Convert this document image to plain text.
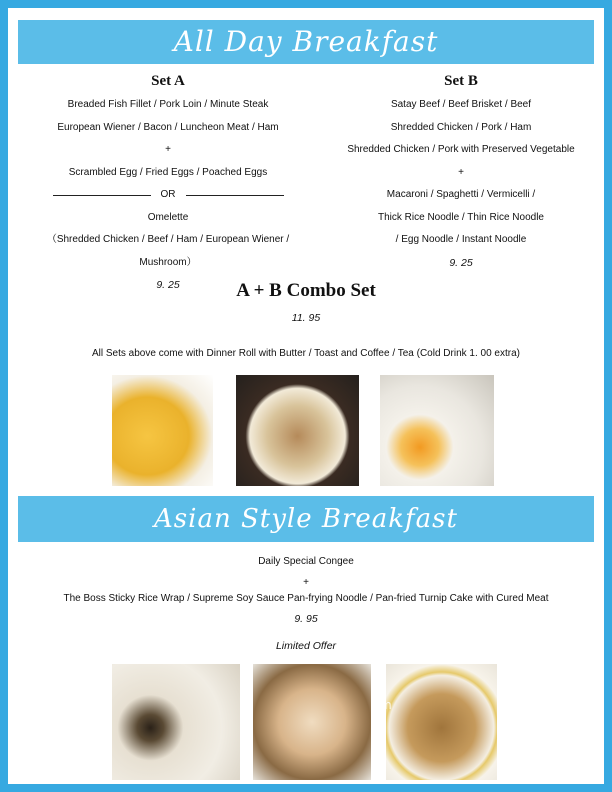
All Day Breakfast
Set A
Breaded Fish Fillet / Pork Loin / Minute Steak
European Wiener / Bacon / Luncheon Meat / Ham
+
Scrambled Egg / Fried Eggs / Poached Eggs
OR
Omelette
（Shredded Chicken / Beef / Ham / European Wiener / Mushroom）
9. 25
Set B
Satay Beef / Beef Brisket / Beef
Shredded Chicken / Pork / Ham
Shredded Chicken / Pork with Preserved Vegetable
+
Macaroni / Spaghetti / Vermicelli /
Thick Rice Noodle / Thin Rice Noodle
/ Egg Noodle / Instant Noodle
9. 25
A + B Combo Set
11. 95
All Sets above come with Dinner Roll with Butter / Toast and Coffee / Tea (Cold Drink 1. 00 extra)
Asian Style Breakfast
Daily Special Congee
+
The Boss Sticky Rice Wrap / Supreme Soy Sauce Pan-frying Noodle / Pan-fried Turnip Cake with Cured Meat
9. 95
Limited Offer
m
